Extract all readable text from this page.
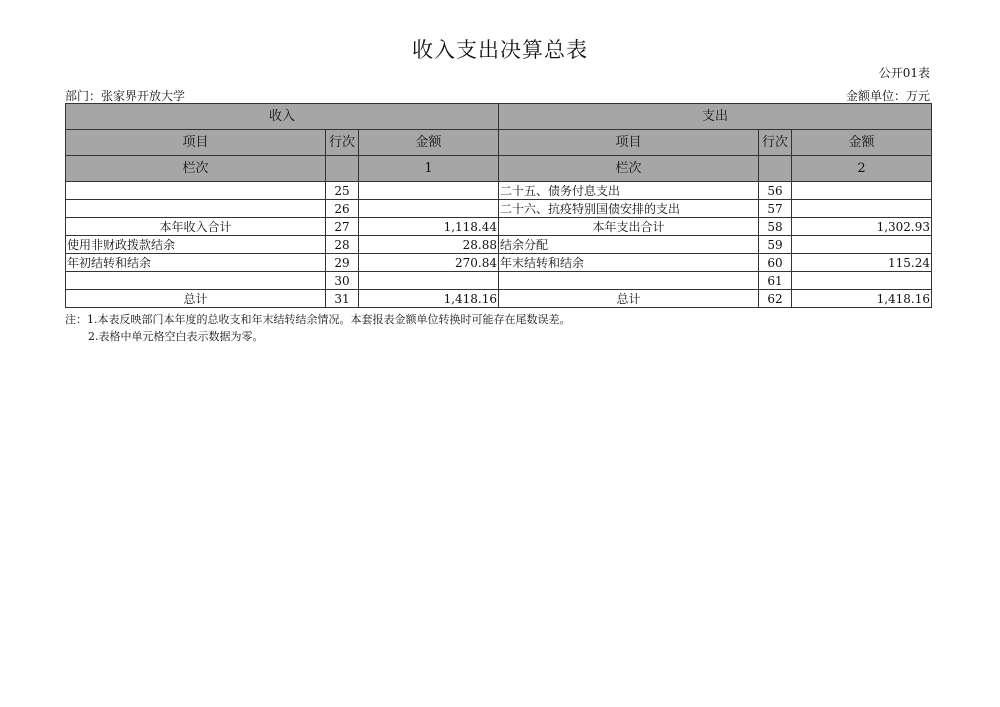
收入支出决算总表
公开01表
部门：张家界开放大学	金额单位：万元
收入			支出		
项目	行次	金额	项目	行次	金额
栏次		1	栏次		2
	25		二十五、债务付息支出	56	
	26		二十六、抗疫特别国债安排的支出	57	
本年收入合计	27	1,118.44	本年支出合计	58	1,302.93
使用非财政拨款结余	28	28.88	结余分配	59	
年初结转和结余	29	270.84	年末结转和结余	60	115.24
	30			61	
总计	31	1,418.16	总计	62	1,418.16
注：1.本表反映部门本年度的总收支和年末结转结余情况。本套报表金额单位转换时可能存在尾数误差。
2.表格中单元格空白表示数据为零。
